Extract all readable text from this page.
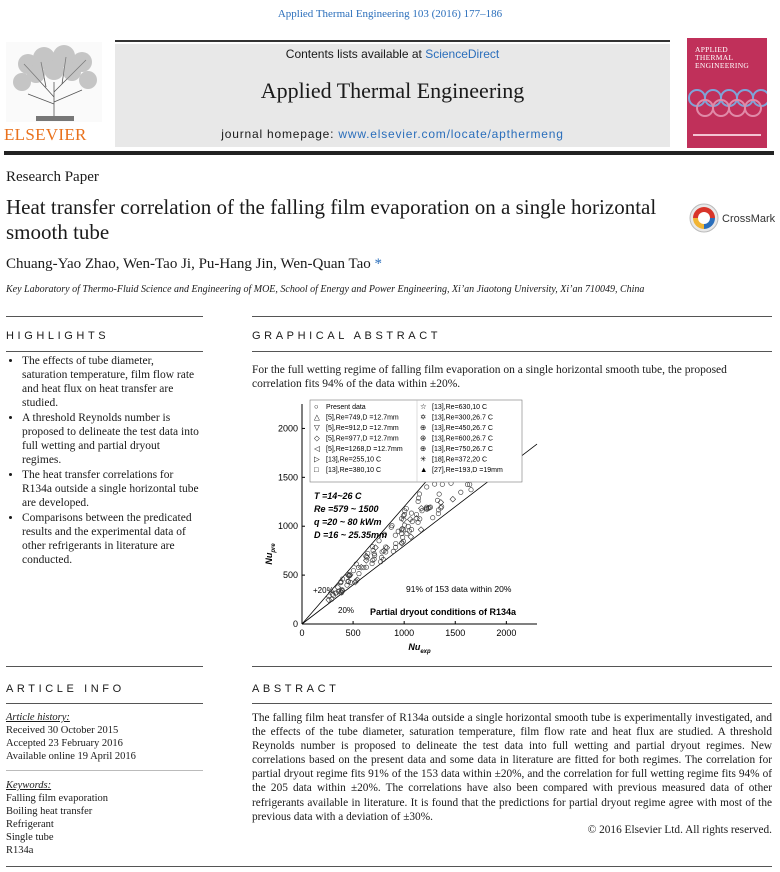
Applied Thermal Engineering 103 (2016) 177–186
ELSEVIER
Contents lists available at ScienceDirect
Applied Thermal Engineering
journal homepage: www.elsevier.com/locate/apthermeng
APPLIED THERMAL ENGINEERING
Research Paper
Heat transfer correlation of the falling film evaporation on a single horizontal smooth tube
CrossMark
Chuang-Yao Zhao, Wen-Tao Ji, Pu-Hang Jin, Wen-Quan Tao *
Key Laboratory of Thermo-Fluid Science and Engineering of MOE, School of Energy and Power Engineering, Xi’an Jiaotong University, Xi’an 710049, China
HIGHLIGHTS	GRAPHICAL ABSTRACT
• The effects of tube diameter, saturation temperature, film flow rate and heat flux on heat transfer are studied.
• A threshold Reynolds number is proposed to delineate the test data into full wetting and partial dryout regimes.
• The heat transfer correlations for R134a outside a single horizontal tube are developed.
• Comparisons between the predicated results and the experimental data of other refrigerants in literature are conducted.
For the full wetting regime of falling film evaporation on a single horizontal smooth tube, the proposed correlation fits 94% of the data within ±20%.
0	500	1000	1500	2000
0
500
1000
1500
2000
○ Present data
△ [5],Re=749,D =12.7mm
▽ [5],Re=912,D =12.7mm
◇ [5],Re=977,D =12.7mm
◁ [5],Re=1268,D =12.7mm
▷ [13],Re=255,10 C
□ [13],Re=380,10 C
☆ [13],Re=630,10 C
✡ [13],Re=300,26.7 C
⊕ [13],Re=450,26.7 C
⊕ [13],Re=600,26.7 C
⊕ [13],Re=750,26.7 C
✳ [18],Re=372,20 C
▲ [27],Re=193,D =19mm
$Nu_{exp}$
$Nu_{pre}$
T =14~26 C
Re =579 ~ 1500
q =20 ~ 80 kWm
D =16 ~ 25.35mm
+20%
20%
91% of 153 data within 20%
Partial dryout conditions of R134a
ARTICLE INFO	ABSTRACT
Article history:
Received 30 October 2015
Accepted 23 February 2016
Available online 19 April 2016
Keywords:
Falling film evaporation
Boiling heat transfer
Refrigerant
Single tube
R134a
The falling film heat transfer of R134a outside a single horizontal smooth tube is experimentally investigated, and the effects of the tube diameter, saturation temperature, film flow rate and heat flux are studied. A threshold Reynolds number is proposed to delineate the test data into full wetting and partial dryout regimes. New correlations based on the present data and some data in literature are fitted for both regimes. The correlation for partial dryout regime fits 91% of the 153 data within ±20%, and the correlation for full wetting regime fits 94% of the 205 data within ±20%. The correlations have also been compared with previous measured data of other refrigerants available in literature. It is found that the predictions for partial dryout regime agree with most of the previous data with a deviation of ±30%.
© 2016 Elsevier Ltd. All rights reserved.
